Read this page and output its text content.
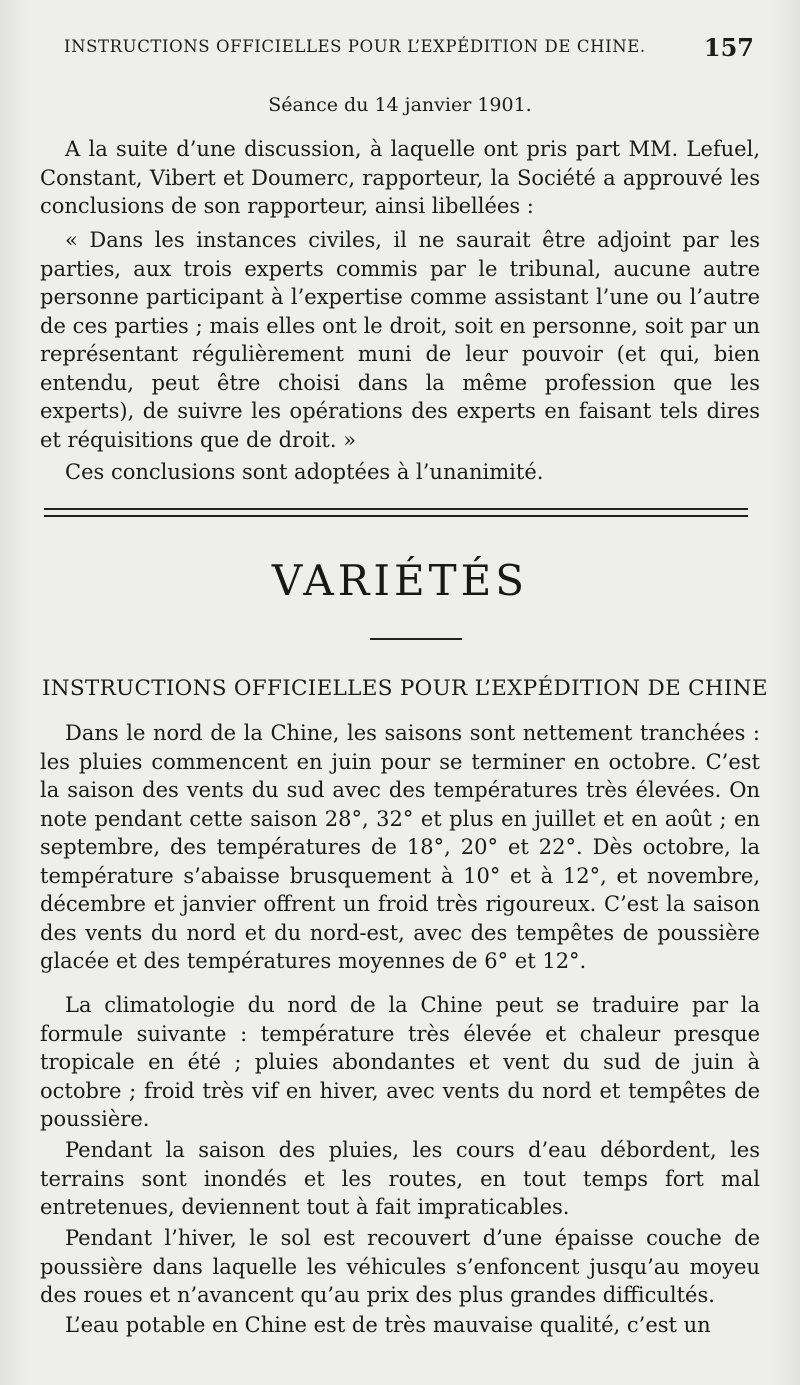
INSTRUCTIONS OFFICIELLES POUR L’EXPÉDITION DE CHINE. 157
Séance du 14 janvier 1901.

A la suite d’une discussion, à laquelle ont pris part MM. Lefuel, Constant, Vibert et Doumerc, rapporteur, la Société a approuvé les conclusions de son rapporteur, ainsi libellées :

« Dans les instances civiles, il ne saurait être adjoint par les parties, aux trois experts commis par le tribunal, aucune autre personne participant à l’expertise comme assistant l’une ou l’autre de ces parties ; mais elles ont le droit, soit en personne, soit par un représentant régulièrement muni de leur pouvoir (et qui, bien entendu, peut être choisi dans la même profession que les experts), de suivre les opérations des experts en faisant tels dires et réquisitions que de droit. »

Ces conclusions sont adoptées à l’unanimité.

VARIÉTÉS
INSTRUCTIONS OFFICIELLES POUR L’EXPÉDITION DE CHINE

Dans le nord de la Chine, les saisons sont nettement tranchées : les pluies commencent en juin pour se terminer en octobre. C’est la saison des vents du sud avec des températures très élevées. On note pendant cette saison 28°, 32° et plus en juillet et en août ; en septembre, des températures de 18°, 20° et 22°. Dès octobre, la température s’abaisse brusquement à 10° et à 12°, et novembre, décembre et janvier offrent un froid très rigoureux. C’est la saison des vents du nord et du nord-est, avec des tempêtes de poussière glacée et des températures moyennes de 6° et 12°.

La climatologie du nord de la Chine peut se traduire par la formule suivante : température très élevée et chaleur presque tropicale en été ; pluies abondantes et vent du sud de juin à octobre ; froid très vif en hiver, avec vents du nord et tempêtes de poussière.

Pendant la saison des pluies, les cours d’eau débordent, les terrains sont inondés et les routes, en tout temps fort mal entretenues, deviennent tout à fait impraticables.

Pendant l’hiver, le sol est recouvert d’une épaisse couche de poussière dans laquelle les véhicules s’enfoncent jusqu’au moyeu des roues et n’avancent qu’au prix des plus grandes difficultés.

L’eau potable en Chine est de très mauvaise qualité, c’est un
